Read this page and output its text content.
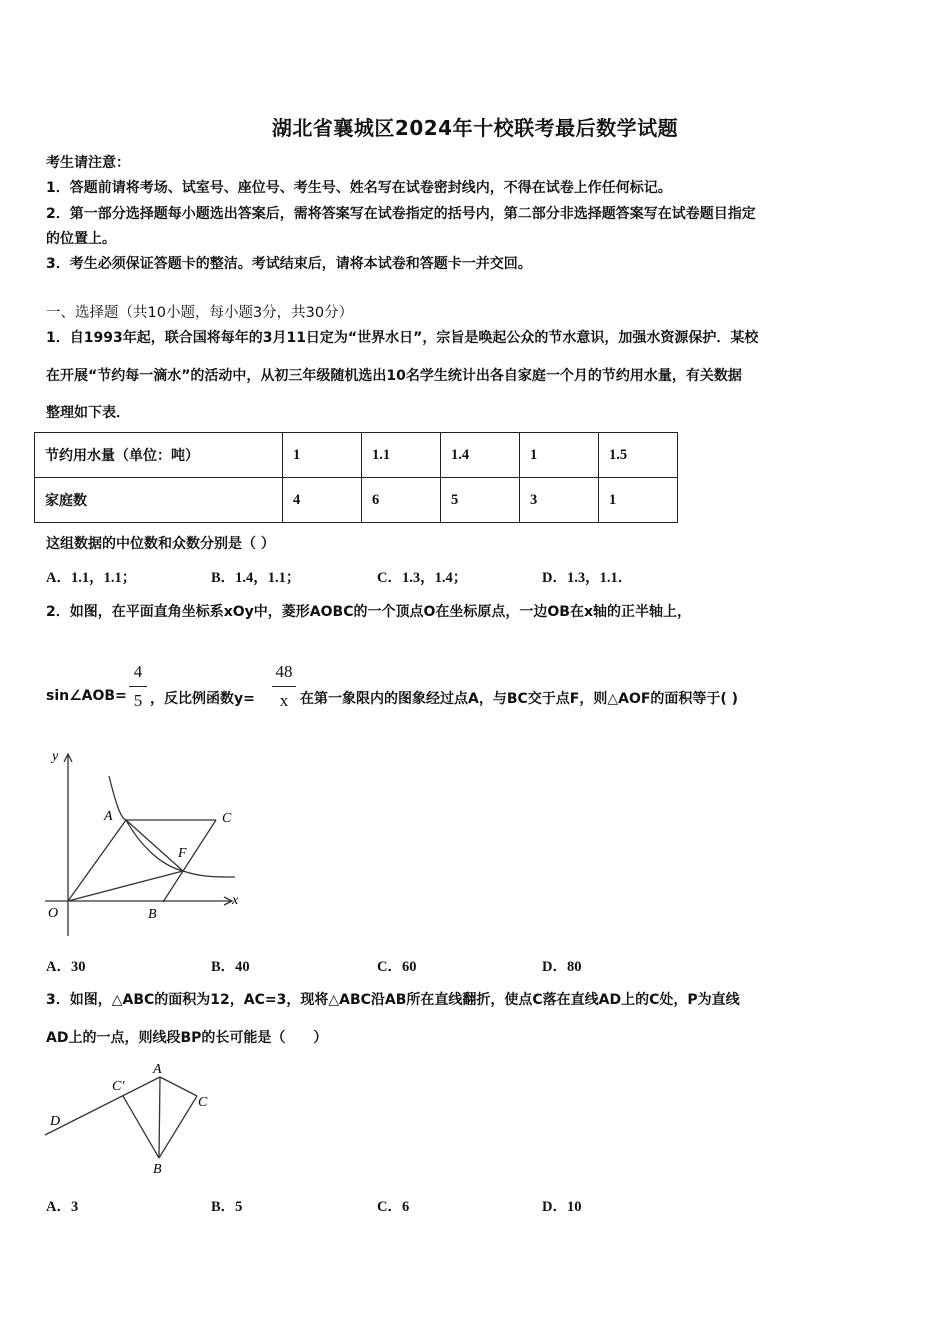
湖北省襄城区2024年十校联考最后数学试题
考生请注意：
1．答题前请将考场、试室号、座位号、考生号、姓名写在试卷密封线内，不得在试卷上作任何标记。
2．第一部分选择题每小题选出答案后，需将答案写在试卷指定的括号内，第二部分非选择题答案写在试卷题目指定
的位置上。
3．考生必须保证答题卡的整洁。考试结束后，请将本试卷和答题卡一并交回。
一、选择题（共10小题，每小题3分，共30分）
1．自1993年起，联合国将每年的3月11日定为“世界水日”，宗旨是唤起公众的节水意识，加强水资源保护．某校
在开展“节约每一滴水”的活动中，从初三年级随机选出10名学生统计出各自家庭一个月的节约用水量，有关数据
整理如下表．
节约用水量（单位：吨）	1	1.1	1.4	1	1.5
家庭数	4	6	5	3	1
这组数据的中位数和众数分别是（ ）
A．1.1，1.1；	B．1.4，1.1；	C．1.3，1.4；	D．1.3，1.1．
2．如图，在平面直角坐标系xOy中，菱形AOBC的一个顶点O在坐标原点，一边OB在x轴的正半轴上，
sin∠AOB= $\frac{4}{5}$ ，反比例函数$y= \frac{48}{x}$ 在第一象限内的图象经过点A，与BC交于点F，则△AOF的面积等于( )
y
x
O
A	C
F
B
A．30	B．40	C．60	D．80
3．如图，△ABC的面积为12，AC=3，现将△ABC沿AB所在直线翻折，使点C落在直线AD上的C处，P为直线
AD上的一点，则线段BP的长可能是（　　）
A
C′
C
D
B
A．3	B．5	C．6	D．10
